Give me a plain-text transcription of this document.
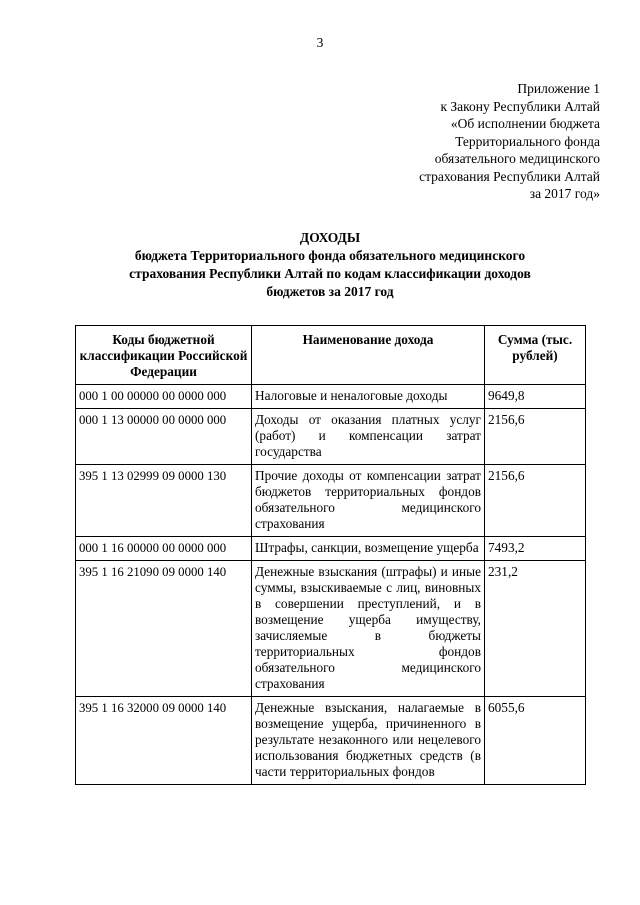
3
Приложение 1
к Закону Республики Алтай
«Об исполнении бюджета
Территориального фонда
обязательного медицинского
страхования Республики Алтай
за 2017 год»
ДОХОДЫ
бюджета Территориального фонда обязательного медицинского
страхования Республики Алтай по кодам классификации доходов
бюджетов за 2017 год
Коды бюджетной классификации Российской Федерации	Наименование дохода	Сумма (тыс. рублей)
000 1 00 00000 00 0000 000	Налоговые и неналоговые доходы	9649,8
000 1 13 00000 00 0000 000	Доходы от оказания платных услуг (работ) и компенсации затрат государства	2156,6
395 1 13 02999 09 0000 130	Прочие доходы от компенсации затрат бюджетов территориальных фондов обязательного медицинского страхования	2156,6
000 1 16 00000 00 0000 000	Штрафы, санкции, возмещение ущерба	7493,2
395 1 16 21090 09 0000 140	Денежные взыскания (штрафы) и иные суммы, взыскиваемые с лиц, виновных в совершении преступлений, и в возмещение ущерба имуществу, зачисляемые в бюджеты территориальных фондов обязательного медицинского страхования	231,2
395 1 16 32000 09 0000 140	Денежные взыскания, налагаемые в возмещение ущерба, причиненного в результате незаконного или нецелевого использования бюджетных средств (в части территориальных фондов	6055,6
